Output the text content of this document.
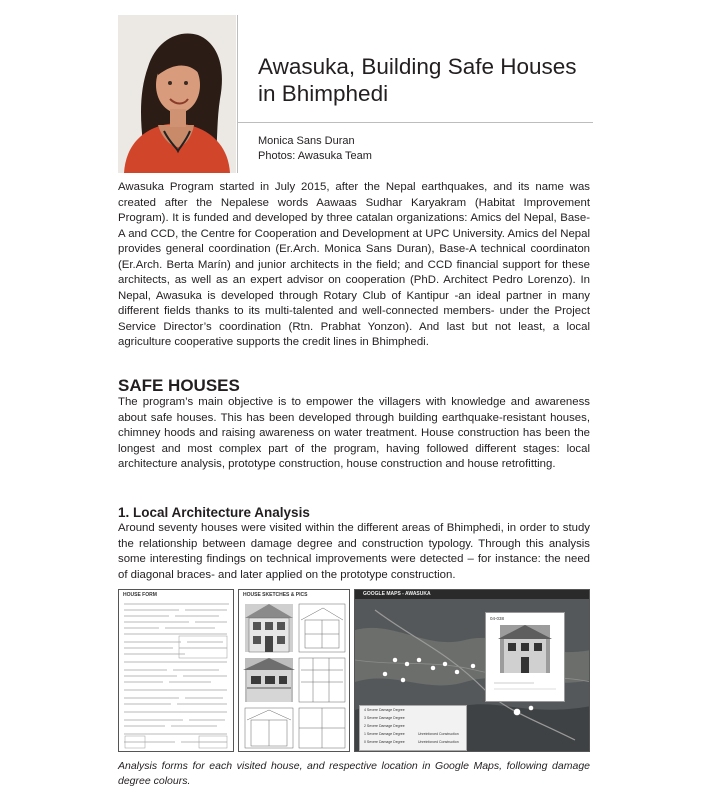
Awasuka, Building Safe Houses in Bhimphedi
Monica Sans Duran
Photos: Awasuka Team

Awasuka Program started in July 2015, after the Nepal earthquakes, and its name was created after the Nepalese words Aawaas Sudhar Karyakram (Habitat Improvement Program). It is funded and developed by three catalan organizations: Amics del Nepal, Base-A and CCD, the Centre for Cooperation and Development at UPC University. Amics del Nepal provides general coordination (Er.Arch. Monica Sans Duran), Base-A technical coordinaton (Er.Arch. Berta Marín) and junior architects in the field; and CCD financial support for these architects, as well as an expert advisor on cooperation (PhD. Architect Pedro Lorenzo). In Nepal, Awasuka is developed through Rotary Club of Kantipur -an ideal partner in many different fields thanks to its multi-talented and well-connected members- under the Project Service Director’s coordination (Rtn. Prabhat Yonzon). And last but not least, a local agriculture cooperative supports the credit lines in Bhimphedi.

SAFE HOUSES

The program’s main objective is to empower the villagers with knowledge and awareness about safe houses. This has been developed through building earthquake-resistant houses, chimney hoods and raising awareness on water treatment. House construction has been the longest and most complex part of the program, having followed different stages: local architecture analysis, prototype construction, house construction and house retrofitting.

1. Local Architecture Analysis

Around seventy houses were visited within the different areas of Bhimphedi, in order to study the relationship between damage degree and construction typology. Through this analysis some interesting findings on technical improvements were detected – for instance: the need of diagonal braces- and later applied on the prototype construction.

HOUSE FORM	HOUSE SKETCHES & PICS	GOOGLE MAPS - AWASUKA
04-038
4 Severe Damage Degree
3 Severe Damage Degree
2 Severe Damage Degree
1 Severe Damage Degree
0 Severe Damage Degree
Unreinforced Construction
Unreinforced Construction
Analysis forms for each visited house, and respective location in Google Maps, following damage degree colours.
